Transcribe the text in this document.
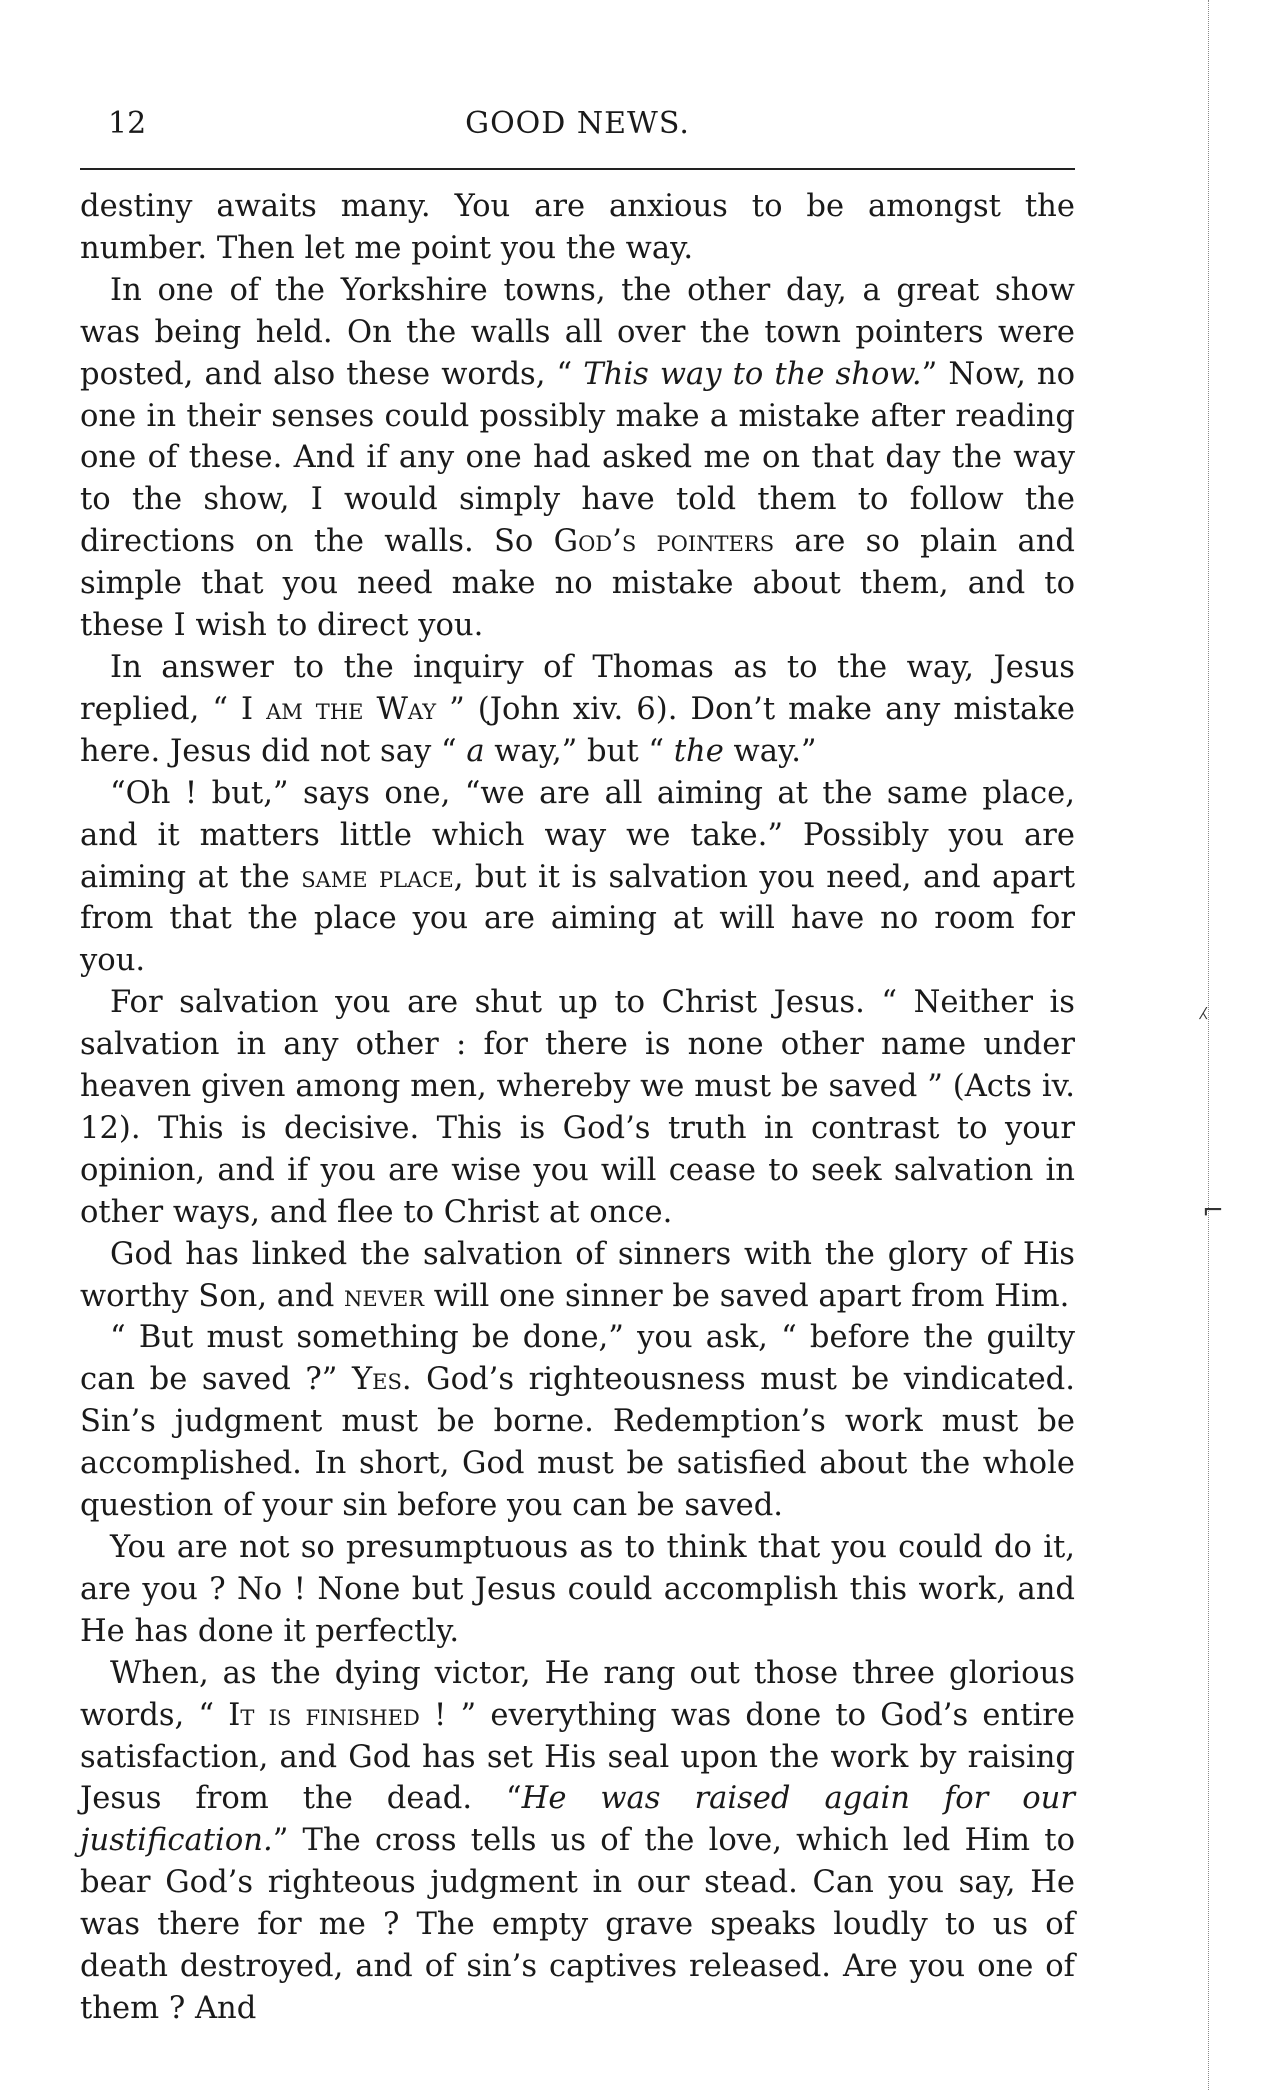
12	GOOD NEWS.

destiny awaits many. You are anxious to be amongst the number. Then let me point you the way.

In one of the Yorkshire towns, the other day, a great show was being held. On the walls all over the town pointers were posted, and also these words, “ This way to the show.” Now, no one in their senses could possibly make a mistake after reading one of these. And if any one had asked me on that day the way to the show, I would simply have told them to follow the directions on the walls. So God’s pointers are so plain and simple that you need make no mistake about them, and to these I wish to direct you.

In answer to the inquiry of Thomas as to the way, Jesus replied, “ I am the Way ” (John xiv. 6). Don’t make any mistake here. Jesus did not say “ a way,” but “ the way.”

“Oh ! but,” says one, “we are all aiming at the same place, and it matters little which way we take.” Possibly you are aiming at the same place, but it is salvation you need, and apart from that the place you are aiming at will have no room for you.

For salvation you are shut up to Christ Jesus. “ Neither is salvation in any other : for there is none other name under heaven given among men, whereby we must be saved ” (Acts iv. 12). This is decisive. This is God’s truth in contrast to your opinion, and if you are wise you will cease to seek salvation in other ways, and flee to Christ at once.

God has linked the salvation of sinners with the glory of His worthy Son, and never will one sinner be saved apart from Him.

“ But must something be done,” you ask, “ before the guilty can be saved ?” Yes. God’s righteousness must be vindicated. Sin’s judgment must be borne. Redemption’s work must be accomplished. In short, God must be satisfied about the whole question of your sin before you can be saved.

You are not so presumptuous as to think that you could do it, are you ? No ! None but Jesus could accomplish this work, and He has done it perfectly.

When, as the dying victor, He rang out those three glorious words, “ It is finished ! ” everything was done to God’s entire satisfaction, and God has set His seal upon the work by raising Jesus from the dead. “He was raised again for our justification.” The cross tells us of the love, which led Him to bear God’s righteous judgment in our stead. Can you say, He was there for me ? The empty grave speaks loudly to us of death destroyed, and of sin’s captives released. Are you one of them ? And

⁁
⌐
